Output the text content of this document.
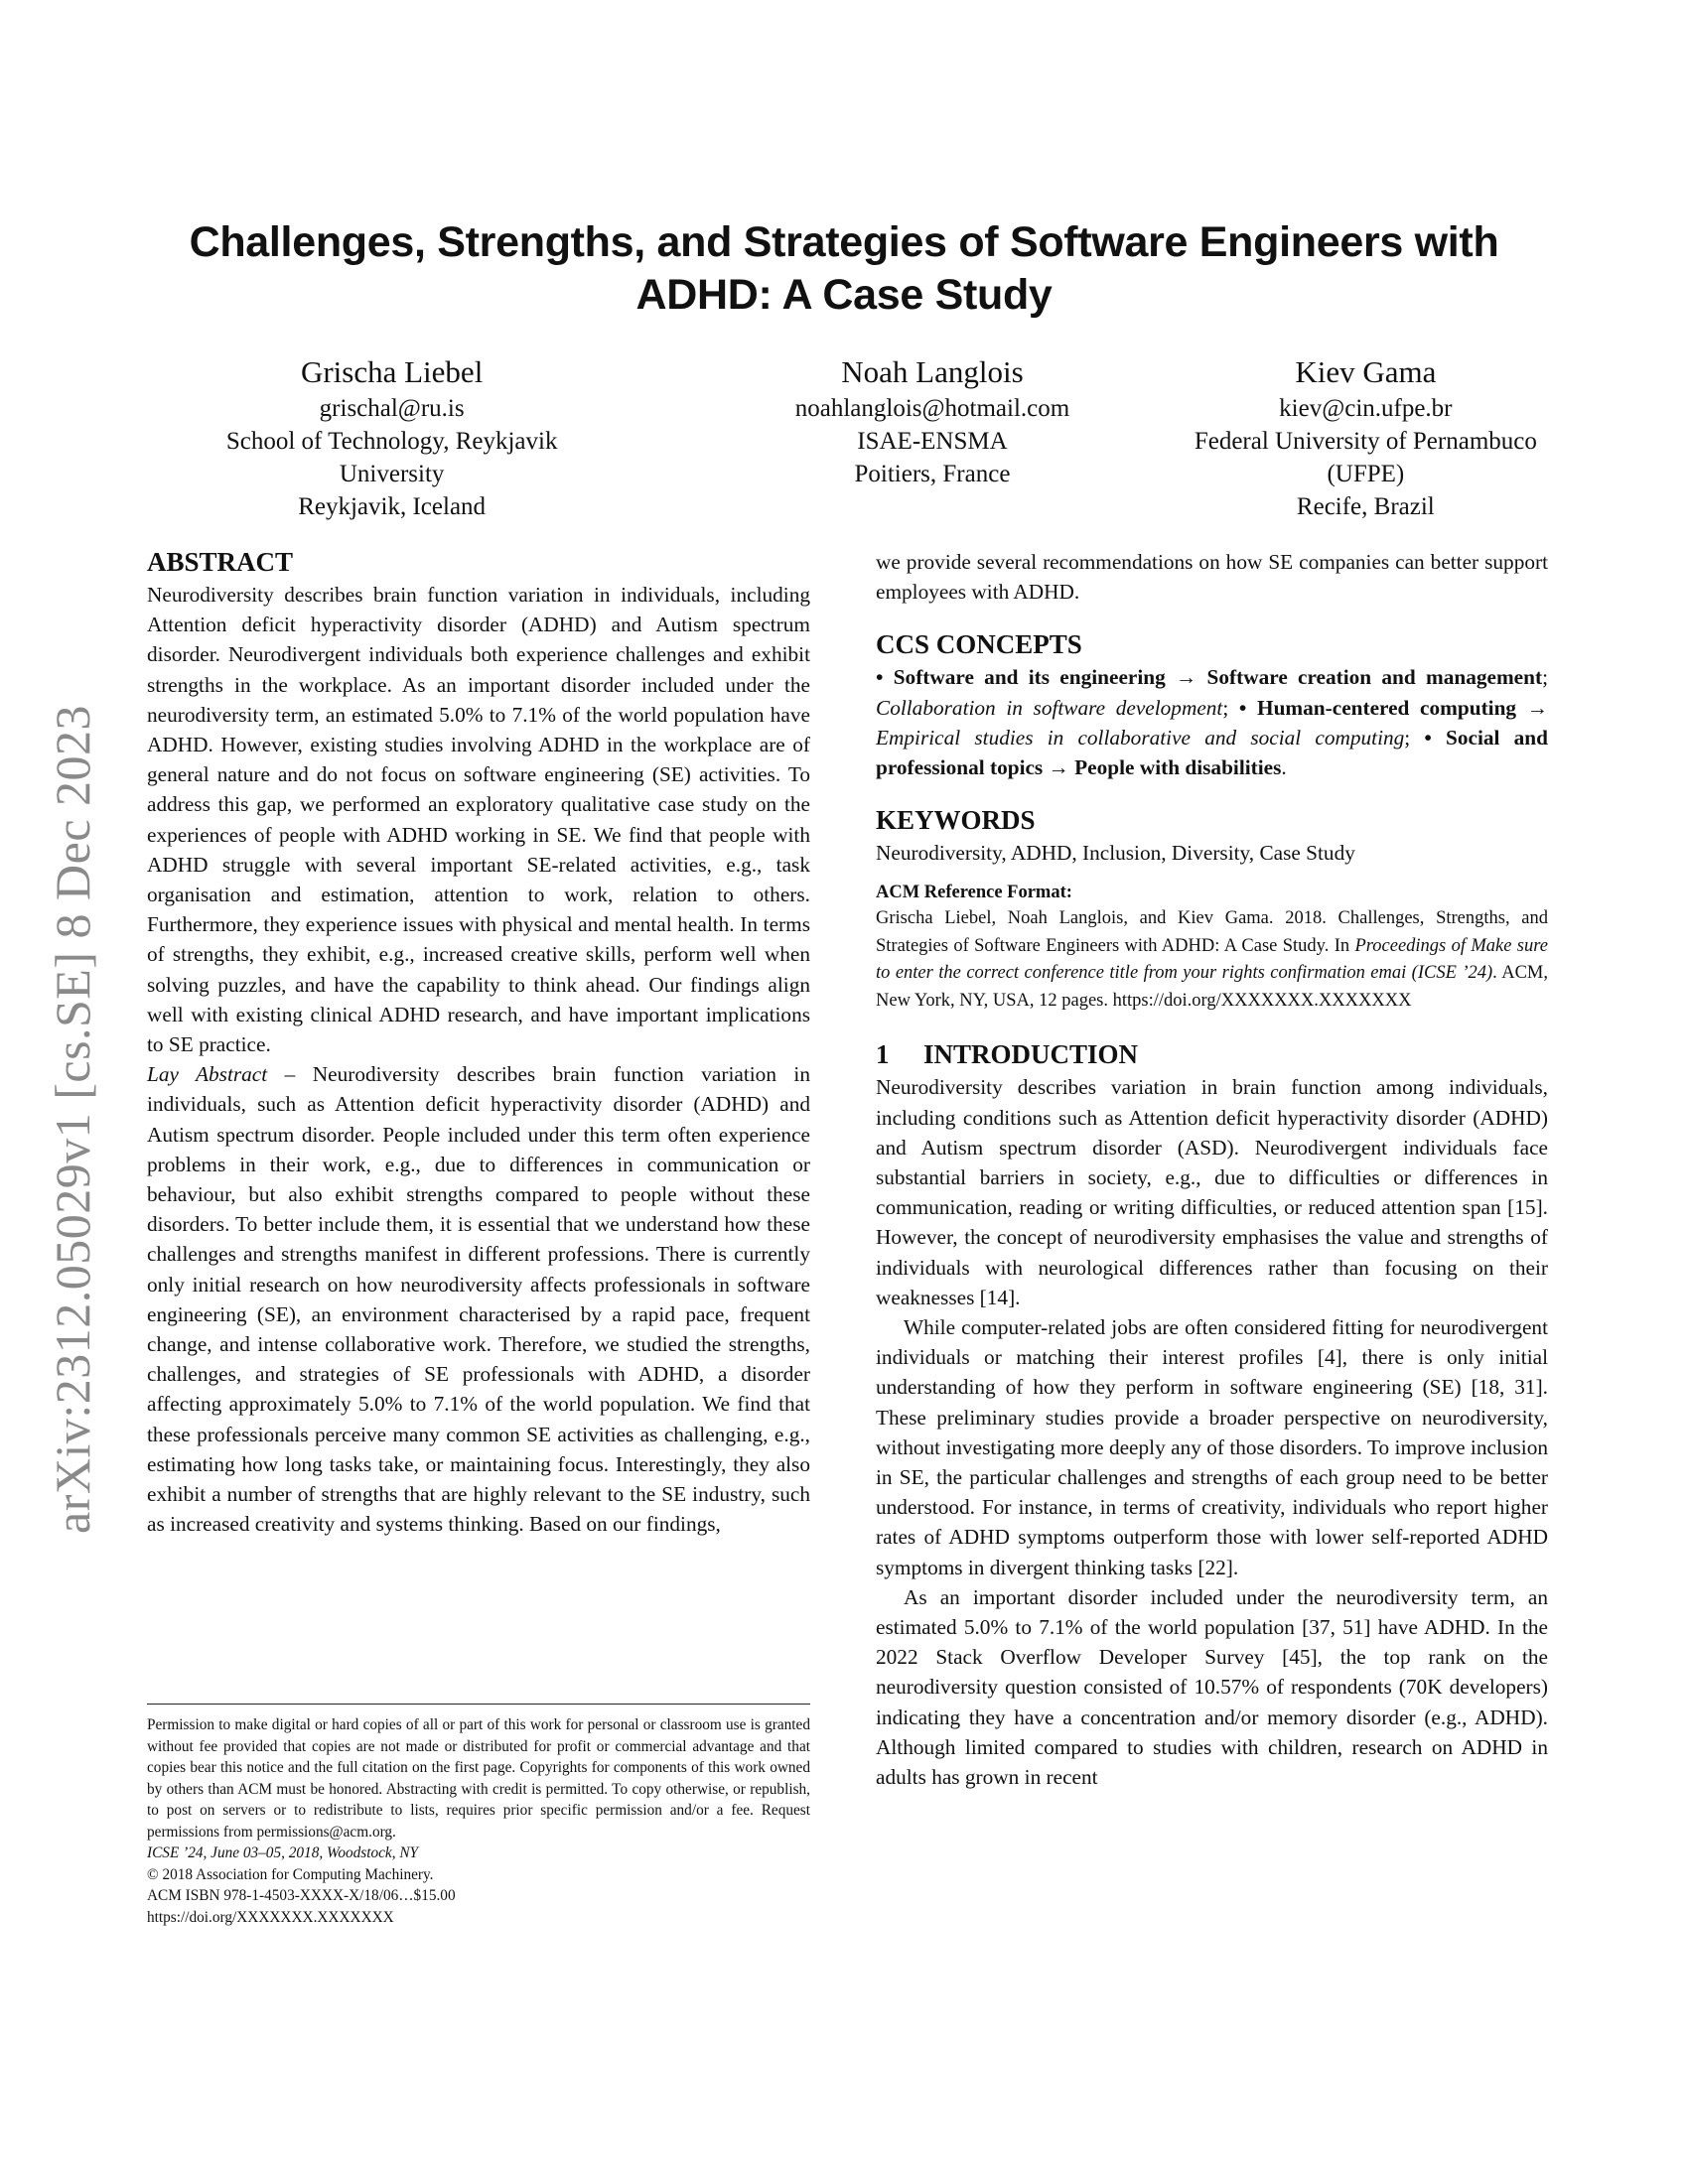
arXiv:2312.05029v1 [cs.SE] 8 Dec 2023
Challenges, Strengths, and Strategies of Software Engineers with
ADHD: A Case Study
Grischa Liebel
grischal@ru.is
School of Technology, Reykjavik
University
Reykjavik, Iceland
Noah Langlois
noahlanglois@hotmail.com
ISAE-ENSMA
Poitiers, France
Kiev Gama
kiev@cin.ufpe.br
Federal University of Pernambuco
(UFPE)
Recife, Brazil
ABSTRACT

Neurodiversity describes brain function variation in individuals, including Attention deficit hyperactivity disorder (ADHD) and Autism spectrum disorder. Neurodivergent individuals both experience challenges and exhibit strengths in the workplace. As an important disorder included under the neurodiversity term, an estimated 5.0% to 7.1% of the world population have ADHD. However, existing studies involving ADHD in the workplace are of general nature and do not focus on software engineering (SE) activities. To address this gap, we performed an exploratory qualitative case study on the experiences of people with ADHD working in SE. We find that people with ADHD struggle with several important SE-related activities, e.g., task organisation and estimation, attention to work, relation to others. Furthermore, they experience issues with physical and mental health. In terms of strengths, they exhibit, e.g., increased creative skills, perform well when solving puzzles, and have the capability to think ahead. Our findings align well with existing clinical ADHD research, and have important implications to SE practice.

Lay Abstract – Neurodiversity describes brain function variation in individuals, such as Attention deficit hyperactivity disorder (ADHD) and Autism spectrum disorder. People included under this term often experience problems in their work, e.g., due to differences in communication or behaviour, but also exhibit strengths compared to people without these disorders. To better include them, it is essential that we understand how these challenges and strengths manifest in different professions. There is currently only initial research on how neurodiversity affects professionals in software engineering (SE), an environment characterised by a rapid pace, frequent change, and intense collaborative work. Therefore, we studied the strengths, challenges, and strategies of SE professionals with ADHD, a disorder affecting approximately 5.0% to 7.1% of the world population. We find that these professionals perceive many common SE activities as challenging, e.g., estimating how long tasks take, or maintaining focus. Interestingly, they also exhibit a number of strengths that are highly relevant to the SE industry, such as increased creativity and systems thinking. Based on our findings,

we provide several recommendations on how SE companies can better support employees with ADHD.

CCS CONCEPTS

• Software and its engineering → Software creation and management; Collaboration in software development; • Human-centered computing → Empirical studies in collaborative and social computing; • Social and professional topics → People with disabilities.

KEYWORDS

Neurodiversity, ADHD, Inclusion, Diversity, Case Study

ACM Reference Format:

Grischa Liebel, Noah Langlois, and Kiev Gama. 2018. Challenges, Strengths, and Strategies of Software Engineers with ADHD: A Case Study. In Proceedings of Make sure to enter the correct conference title from your rights confirmation emai (ICSE ’24). ACM, New York, NY, USA, 12 pages. https://doi.org/XXXXXXX.XXXXXXX

1 INTRODUCTION

Neurodiversity describes variation in brain function among individuals, including conditions such as Attention deficit hyperactivity disorder (ADHD) and Autism spectrum disorder (ASD). Neurodivergent individuals face substantial barriers in society, e.g., due to difficulties or differences in communication, reading or writing difficulties, or reduced attention span [15]. However, the concept of neurodiversity emphasises the value and strengths of individuals with neurological differences rather than focusing on their weaknesses [14].

While computer-related jobs are often considered fitting for neurodivergent individuals or matching their interest profiles [4], there is only initial understanding of how they perform in software engineering (SE) [18, 31]. These preliminary studies provide a broader perspective on neurodiversity, without investigating more deeply any of those disorders. To improve inclusion in SE, the particular challenges and strengths of each group need to be better understood. For instance, in terms of creativity, individuals who report higher rates of ADHD symptoms outperform those with lower self-reported ADHD symptoms in divergent thinking tasks [22].

As an important disorder included under the neurodiversity term, an estimated 5.0% to 7.1% of the world population [37, 51] have ADHD. In the 2022 Stack Overflow Developer Survey [45], the top rank on the neurodiversity question consisted of 10.57% of respondents (70K developers) indicating they have a concentration and/or memory disorder (e.g., ADHD). Although limited compared to studies with children, research on ADHD in adults has grown in recent

Permission to make digital or hard copies of all or part of this work for personal or classroom use is granted without fee provided that copies are not made or distributed for profit or commercial advantage and that copies bear this notice and the full citation on the first page. Copyrights for components of this work owned by others than ACM must be honored. Abstracting with credit is permitted. To copy otherwise, or republish, to post on servers or to redistribute to lists, requires prior specific permission and/or a fee. Request permissions from permissions@acm.org.

ICSE ’24, June 03–05, 2018, Woodstock, NY
© 2018 Association for Computing Machinery.
ACM ISBN 978-1-4503-XXXX-X/18/06…$15.00
https://doi.org/XXXXXXX.XXXXXXX
